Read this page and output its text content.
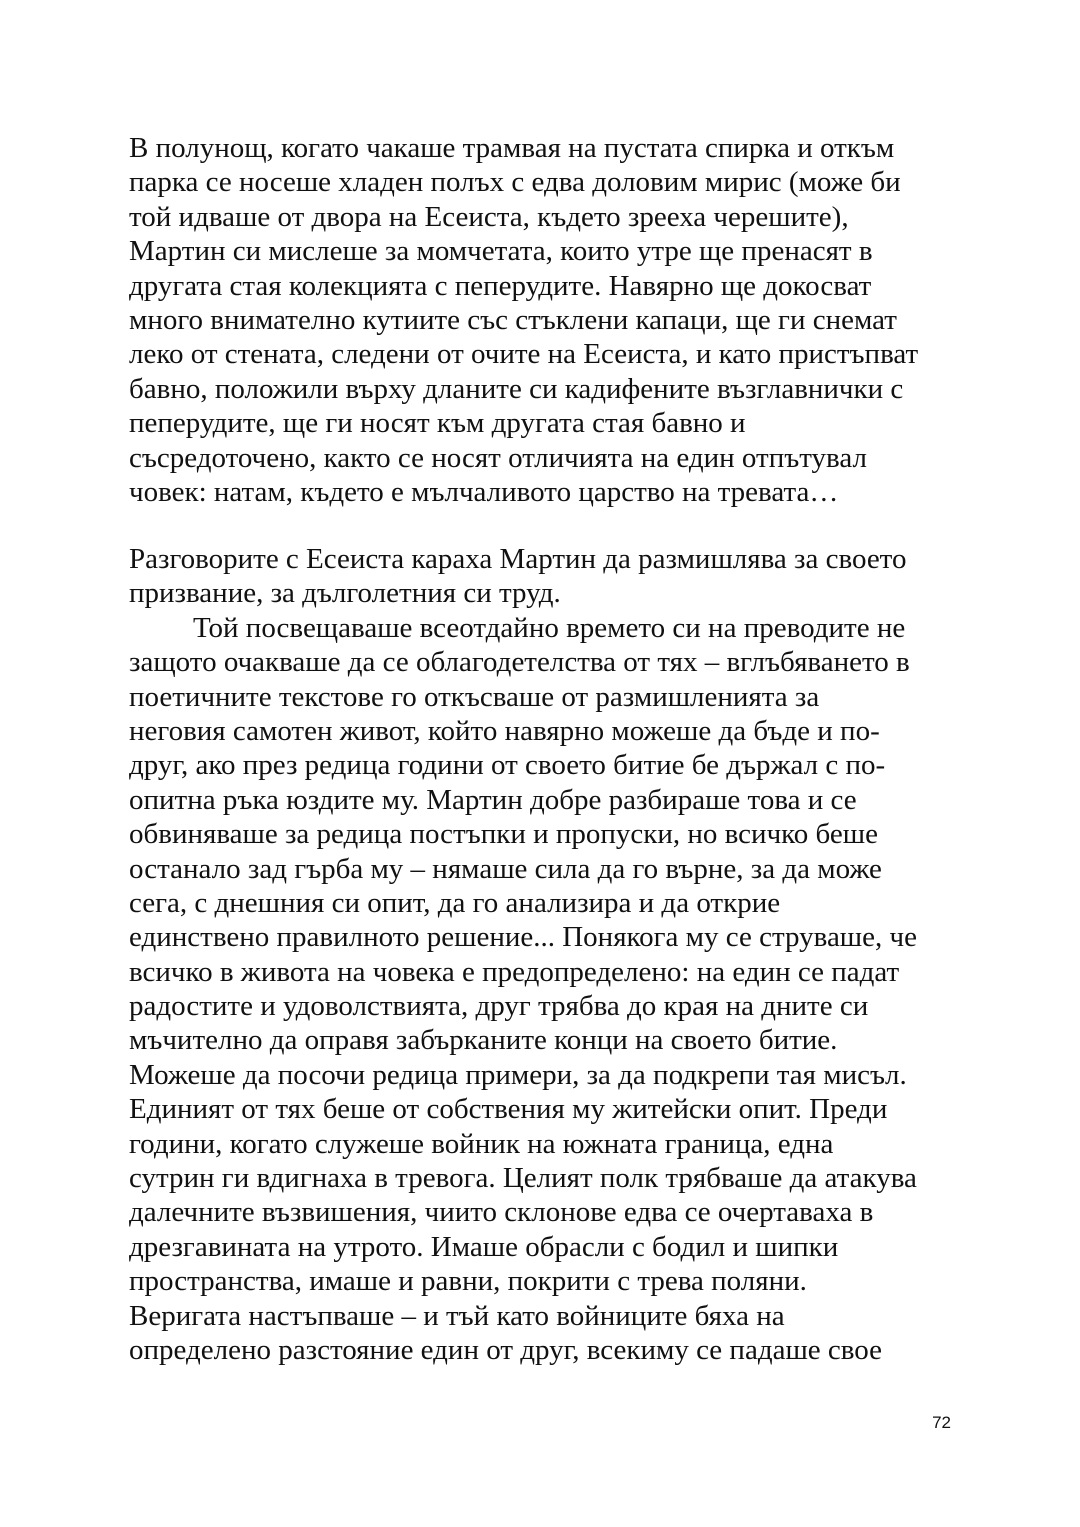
В полунощ, когато чакаше трамвая на пустата спирка и откъм
парка се носеше хладен полъх с едва доловим мирис (може би
той идваше от двора на Есеиста, където зрееха черешите),
Мартин си мислеше за момчетата, които утре ще пренасят в
другата стая колекцията с пеперудите. Навярно ще докосват
много внимателно кутиите със стъклени капаци, ще ги снемат
леко от стената, следени от очите на Есеиста, и като пристъпват
бавно, положили върху дланите си кадифените възглавнички с
пеперудите, ще ги носят към другата стая бавно и
съсредоточено, както се носят отличията на един отпътувал
човек: натам, където е мълчаливото царство на тревата…
Разговорите с Есеиста караха Мартин да размишлява за своето
призвание, за дълголетния си труд.
Той посвещаваше всеотдайно времето си на преводите не
защото очакваше да се облагодетелства от тях – вглъбяването в
поетичните текстове го откъсваше от размишленията за
неговия самотен живот, който навярно можеше да бъде и по-
друг, ако през редица години от своето битие бе държал с по-
опитна ръка юздите му. Мартин добре разбираше това и се
обвиняваше за редица постъпки и пропуски, но всичко беше
останало зад гърба му – нямаше сила да го върне, за да може
сега, с днешния си опит, да го анализира и да открие
единствено правилното решение... Понякога му се струваше, че
всичко в живота на човека е предопределено: на един се падат
радостите и удоволствията, друг трябва до края на дните си
мъчително да оправя забърканите конци на своето битие.
Можеше да посочи редица примери, за да подкрепи тая мисъл.
Единият от тях беше от собствения му житейски опит. Преди
години, когато служеше войник на южната граница, една
сутрин ги вдигнаха в тревога. Целият полк трябваше да атакува
далечните възвишения, чиито склонове едва се очертаваха в
дрезгавината на утрото. Имаше обрасли с бодил и шипки
пространства, имаше и равни, покрити с трева поляни.
Веригата настъпваше – и тъй като войниците бяха на
определено разстояние един от друг, всекиму се падаше свое
72
